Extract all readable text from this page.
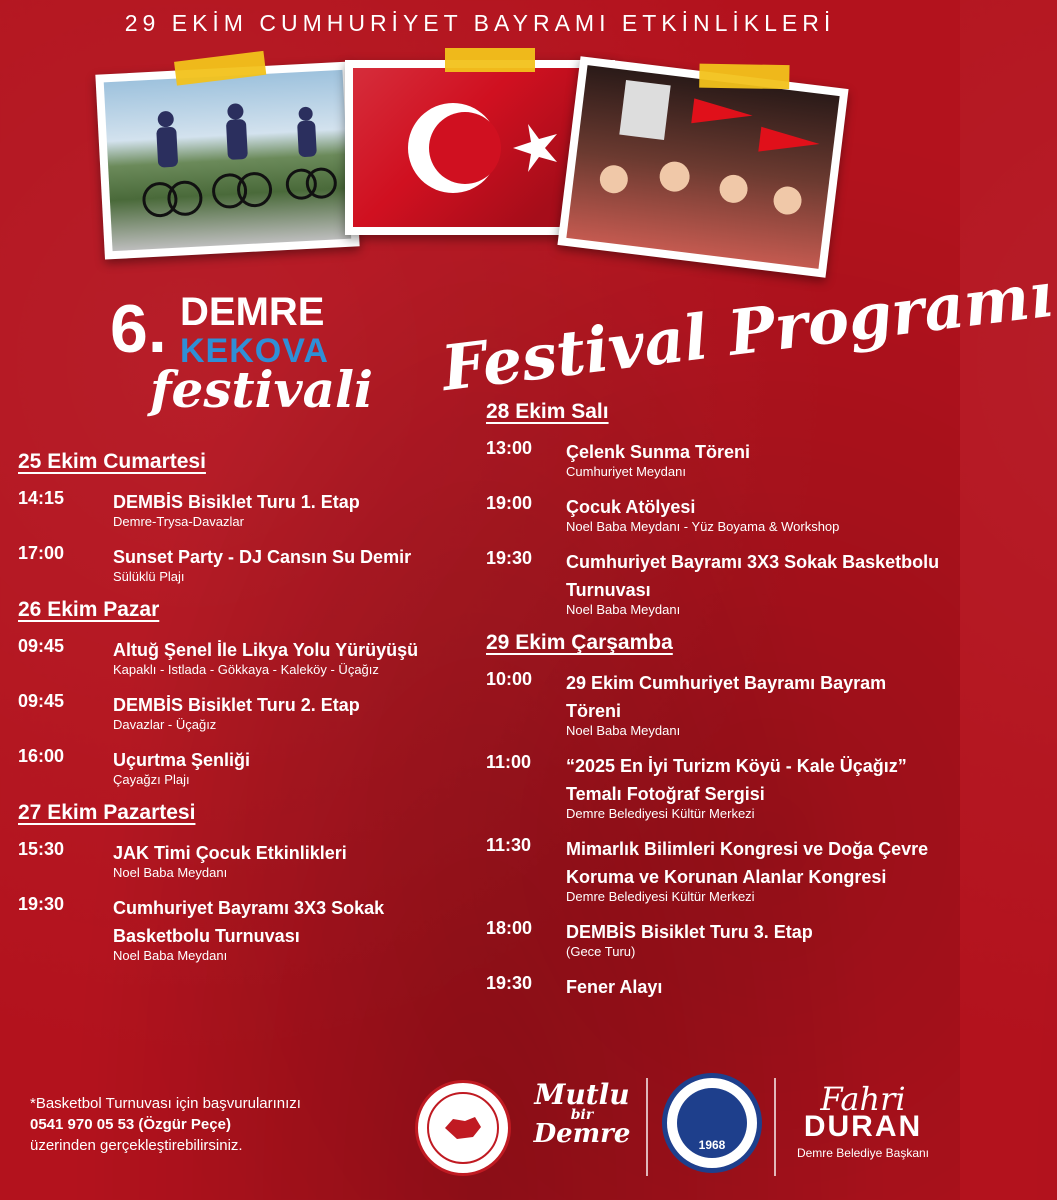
29 EKİM CUMHURİYET BAYRAMI ETKİNLİKLERİ
6. DEMRE
KEKOVA
festivali Festival Programı
25 Ekim Cumartesi
14:15	DEMBİS Bisiklet Turu 1. Etap
Demre-Trysa-Davazlar
17:00	Sunset Party - DJ Cansın Su Demir
Sülüklü Plajı
26 Ekim Pazar
09:45	Altuğ Şenel İle Likya Yolu Yürüyüşü
Kapaklı - Istlada - Gökkaya - Kaleköy - Üçağız
09:45	DEMBİS Bisiklet Turu 2. Etap
Davazlar - Üçağız
16:00	Uçurtma Şenliği
Çayağzı Plajı
27 Ekim Pazartesi
15:30	JAK Timi Çocuk Etkinlikleri
Noel Baba Meydanı
19:30	Cumhuriyet Bayramı 3X3 Sokak Basketbolu Turnuvası
Noel Baba Meydanı
28 Ekim Salı
13:00	Çelenk Sunma Töreni
Cumhuriyet Meydanı
19:00	Çocuk Atölyesi
Noel Baba Meydanı - Yüz Boyama & Workshop
19:30	Cumhuriyet Bayramı 3X3 Sokak Basketbolu Turnuvası
Noel Baba Meydanı
29 Ekim Çarşamba
10:00	29 Ekim Cumhuriyet Bayramı Bayram Töreni
Noel Baba Meydanı
11:00	“2025 En İyi Turizm Köyü - Kale Üçağız” Temalı Fotoğraf Sergisi
Demre Belediyesi Kültür Merkezi
11:30	Mimarlık Bilimleri Kongresi ve Doğa Çevre Koruma ve Korunan Alanlar Kongresi
Demre Belediyesi Kültür Merkezi
18:00	DEMBİS Bisiklet Turu 3. Etap
(Gece Turu)
19:30	Fener Alayı
*Basketbol Turnuvası için başvurularınızı
0541 970 05 53 (Özgür Peçe)
üzerinden gerçekleştirebilirsiniz.
Mutlu
bir
Demre	1968
Fahri
DURAN
Demre Belediye Başkanı
